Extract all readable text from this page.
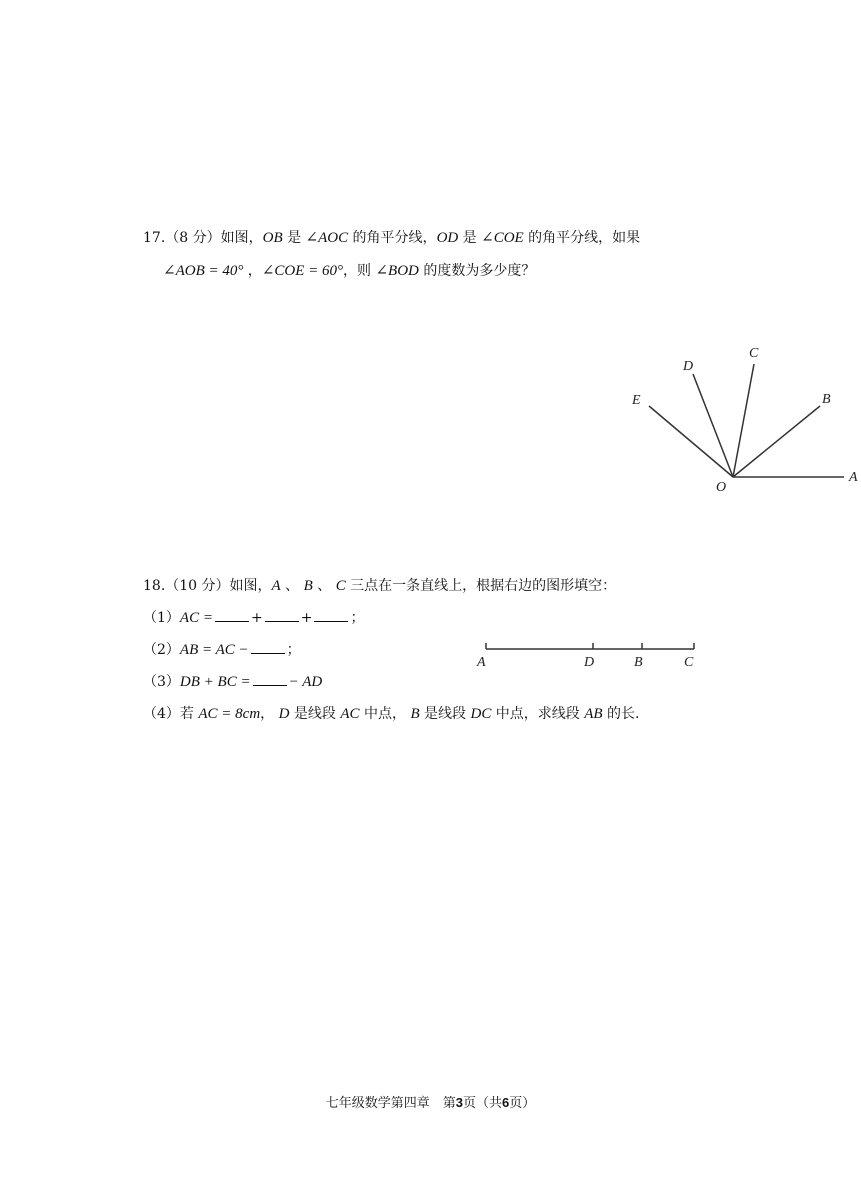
17.（8 分）如图，OB 是 ∠AOC 的角平分线，OD 是 ∠COE 的角平分线，如果
∠AOB = 40° ，∠COE = 60°，则 ∠BOD 的度数为多少度？
D
C
E	B
O
A
18.（10 分）如图，A 、 B 、 C 三点在一条直线上，根据右边的图形填空：
（1）AC =	+	+	；
（2）AB = AC −	；
（3）DB + BC =	− AD
（4）若 AC = 8cm， D 是线段 AC 中点， B 是线段 DC 中点，求线段 AB 的长.
A	D	B	C
七年级数学第四章　第3页（共6页）
